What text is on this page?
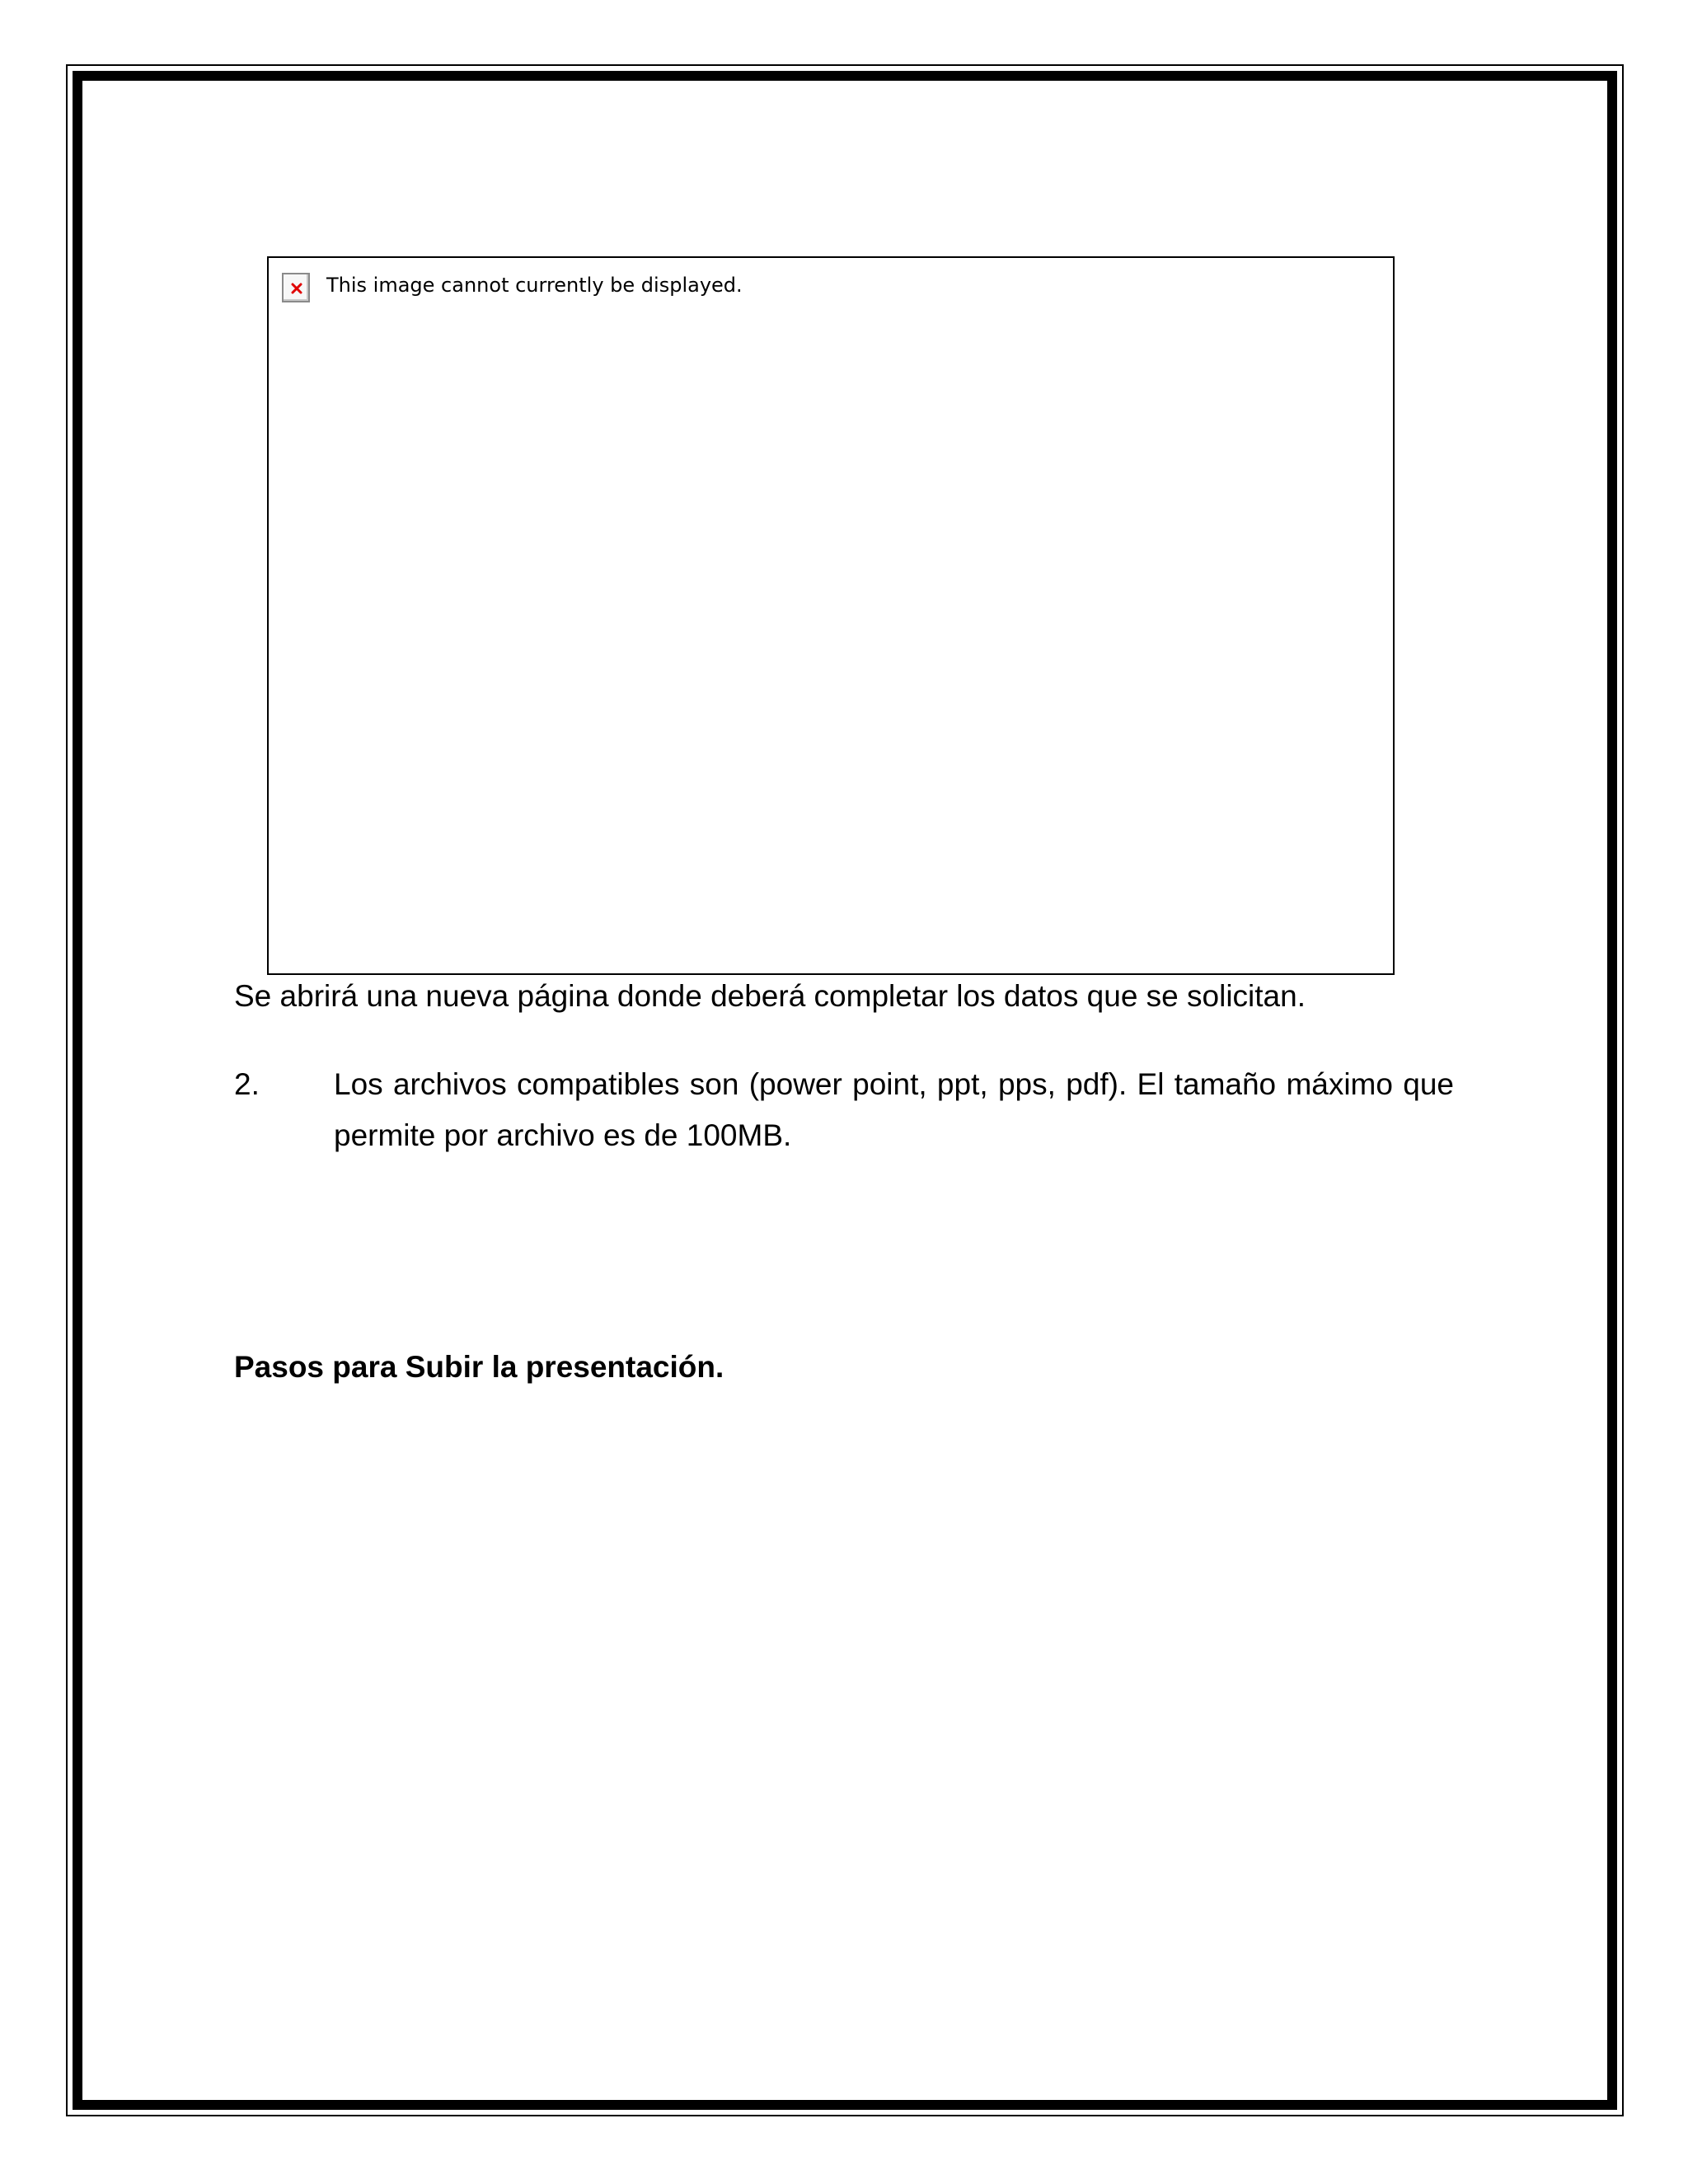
This image cannot currently be displayed.
Se abrirá una nueva página donde deberá completar los datos que se solicitan.
2. Los archivos compatibles son (power point, ppt, pps, pdf). El tamaño máximo que permite por archivo es de 100MB.
Pasos para Subir la presentación.
